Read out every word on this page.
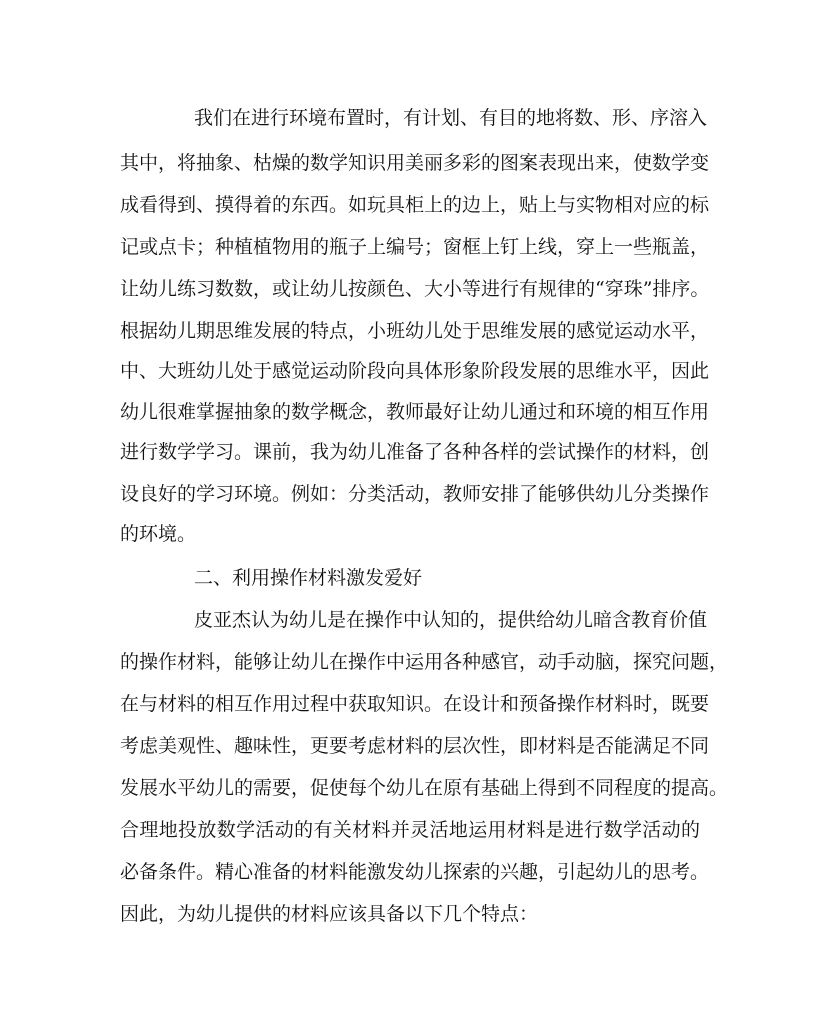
我们在进行环境布置时，有计划、有目的地将数、形、序溶入
其中，将抽象、枯燥的数学知识用美丽多彩的图案表现出来，使数学变
成看得到、摸得着的东西。如玩具柜上的边上，贴上与实物相对应的标
记或点卡；种植植物用的瓶子上编号；窗框上钉上线，穿上一些瓶盖，
让幼儿练习数数，或让幼儿按颜色、大小等进行有规律的“穿珠”排序。
根据幼儿期思维发展的特点，小班幼儿处于思维发展的感觉运动水平，
中、大班幼儿处于感觉运动阶段向具体形象阶段发展的思维水平，因此
幼儿很难掌握抽象的数学概念，教师最好让幼儿通过和环境的相互作用
进行数学学习。课前，我为幼儿准备了各种各样的尝试操作的材料，创
设良好的学习环境。例如：分类活动，教师安排了能够供幼儿分类操作
的环境。
二、利用操作材料激发爱好
皮亚杰认为幼儿是在操作中认知的，提供给幼儿暗含教育价值
的操作材料，能够让幼儿在操作中运用各种感官，动手动脑，探究问题，
在与材料的相互作用过程中获取知识。在设计和预备操作材料时，既要
考虑美观性、趣味性，更要考虑材料的层次性，即材料是否能满足不同
发展水平幼儿的需要，促使每个幼儿在原有基础上得到不同程度的提高。
合理地投放数学活动的有关材料并灵活地运用材料是进行数学活动的
必备条件。精心准备的材料能激发幼儿探索的兴趣，引起幼儿的思考。
因此，为幼儿提供的材料应该具备以下几个特点：
